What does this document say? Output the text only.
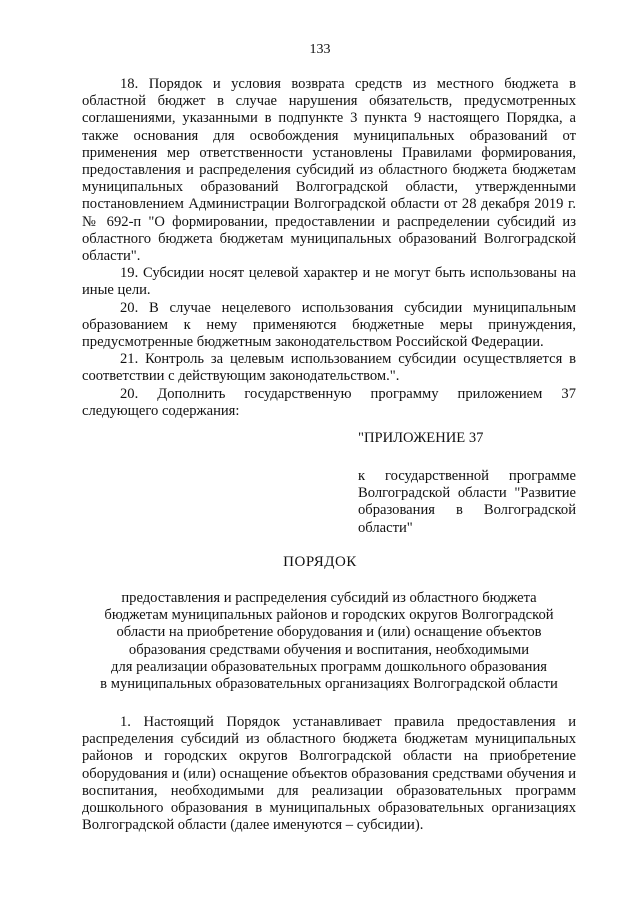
133

18. Порядок и условия возврата средств из местного бюджета в областной бюджет в случае нарушения обязательств, предусмотренных соглашениями, указанными в подпункте 3 пункта 9 настоящего Порядка, а также основания для освобождения муниципальных образований от применения мер ответственности установлены Правилами формирования, предоставления и распределения субсидий из областного бюджета бюджетам муниципальных образований Волгоградской области, утвержденными постановлением Администрации Волгоградской области от 28 декабря 2019 г. № 692-п "О формировании, предоставлении и распределении субсидий из областного бюджета бюджетам муниципальных образований Волгоградской области".

19. Субсидии носят целевой характер и не могут быть использованы на иные цели.

20. В случае нецелевого использования субсидии муниципальным образованием к нему применяются бюджетные меры принуждения, предусмотренные бюджетным законодательством Российской Федерации.

21. Контроль за целевым использованием субсидии осуществляется в соответствии с действующим законодательством.".

20. Дополнить государственную программу приложением 37 следующего содержания:

"ПРИЛОЖЕНИЕ 37
к государственной программе Волгоградской области "Развитие образования в Волгоградской области"
ПОРЯДОК
предоставления и распределения субсидий из областного бюджета
бюджетам муниципальных районов и городских округов Волгоградской
области на приобретение оборудования и (или) оснащение объектов
образования средствами обучения и воспитания, необходимыми
для реализации образовательных программ дошкольного образования
в муниципальных образовательных организациях Волгоградской области

1. Настоящий Порядок устанавливает правила предоставления и распределения субсидий из областного бюджета бюджетам муниципальных районов и городских округов Волгоградской области на приобретение оборудования и (или) оснащение объектов образования средствами обучения и воспитания, необходимыми для реализации образовательных программ дошкольного образования в муниципальных образовательных организациях Волгоградской области (далее именуются – субсидии).
